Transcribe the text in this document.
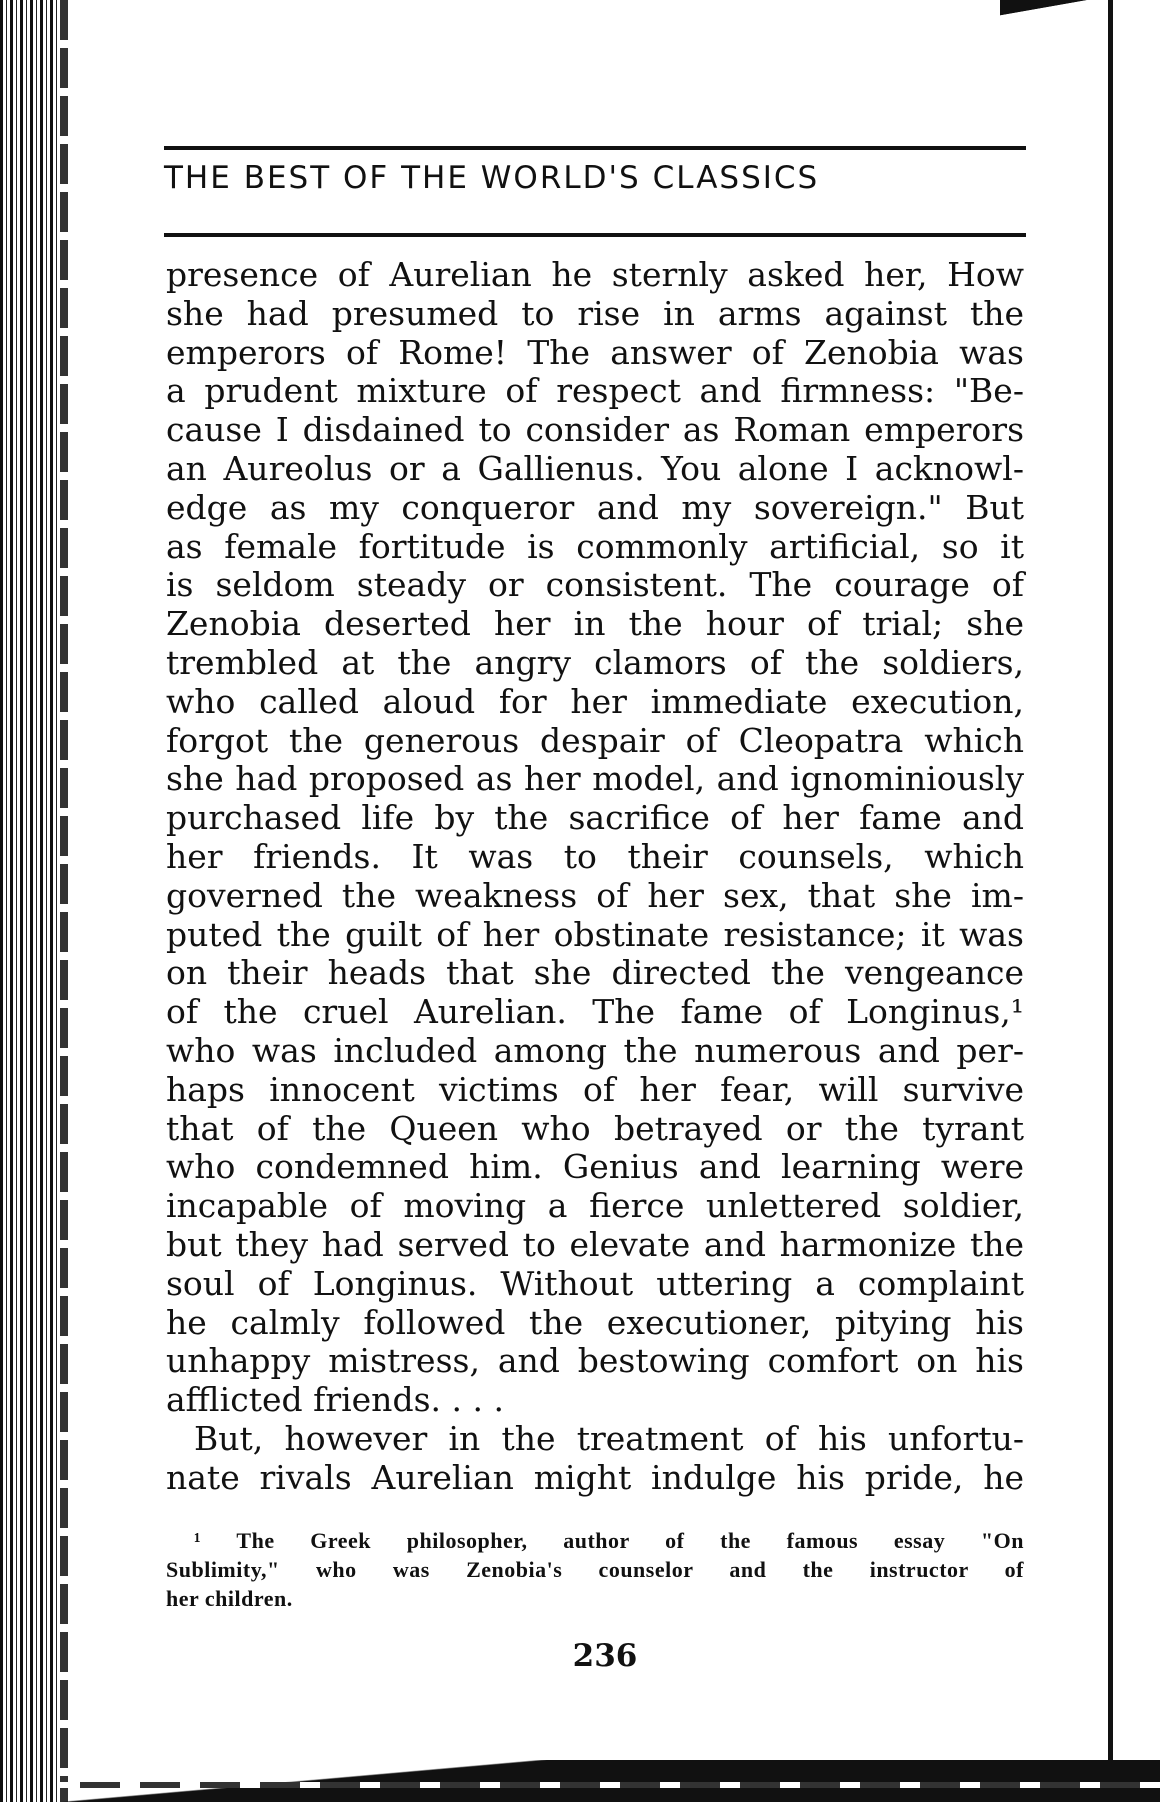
THE BEST OF THE WORLD'S CLASSICS
presence of Aurelian he sternly asked her, How
she had presumed to rise in arms against the
emperors of Rome! The answer of Zenobia was
a prudent mixture of respect and firmness: "Be-
cause I disdained to consider as Roman emperors
an Aureolus or a Gallienus. You alone I acknowl-
edge as my conqueror and my sovereign." But
as female fortitude is commonly artificial, so it
is seldom steady or consistent. The courage of
Zenobia deserted her in the hour of trial; she
trembled at the angry clamors of the soldiers,
who called aloud for her immediate execution,
forgot the generous despair of Cleopatra which
she had proposed as her model, and ignominiously
purchased life by the sacrifice of her fame and
her friends. It was to their counsels, which
governed the weakness of her sex, that she im-
puted the guilt of her obstinate resistance; it was
on their heads that she directed the vengeance
of the cruel Aurelian. The fame of Longinus,¹
who was included among the numerous and per-
haps innocent victims of her fear, will survive
that of the Queen who betrayed or the tyrant
who condemned him. Genius and learning were
incapable of moving a fierce unlettered soldier,
but they had served to elevate and harmonize the
soul of Longinus. Without uttering a complaint
he calmly followed the executioner, pitying his
unhappy mistress, and bestowing comfort on his
afflicted friends. . . .
But, however in the treatment of his unfortu-
nate rivals Aurelian might indulge his pride, he
¹ The Greek philosopher, author of the famous essay "On
Sublimity," who was Zenobia's counselor and the instructor of
her children.
236
